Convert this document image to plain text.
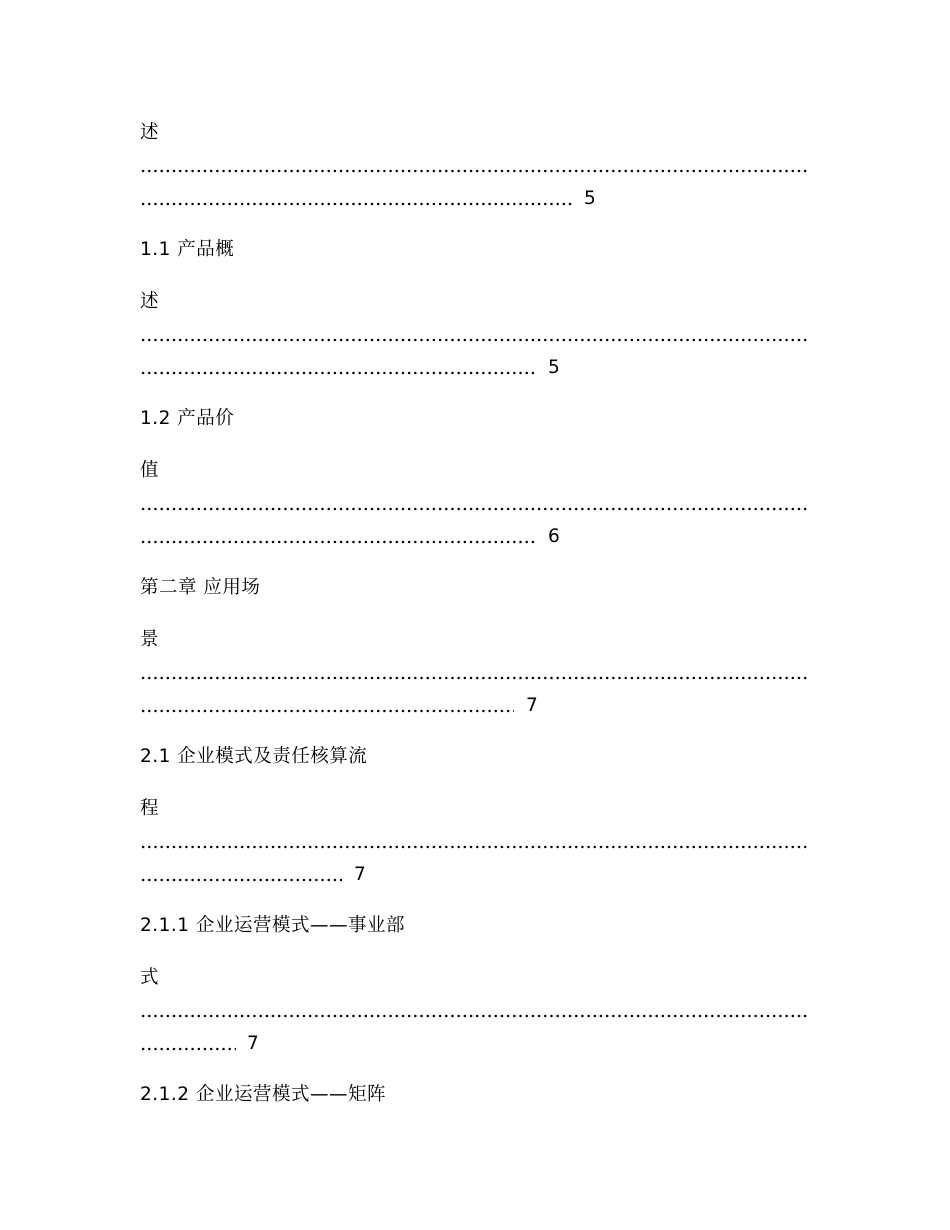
述
5
1.1 产品概
述
5
1.2 产品价
值
6
第二章 应用场
景
7
2.1 企业模式及责任核算流
程
7
2.1.1 企业运营模式——事业部
式
7
2.1.2 企业运营模式——矩阵
